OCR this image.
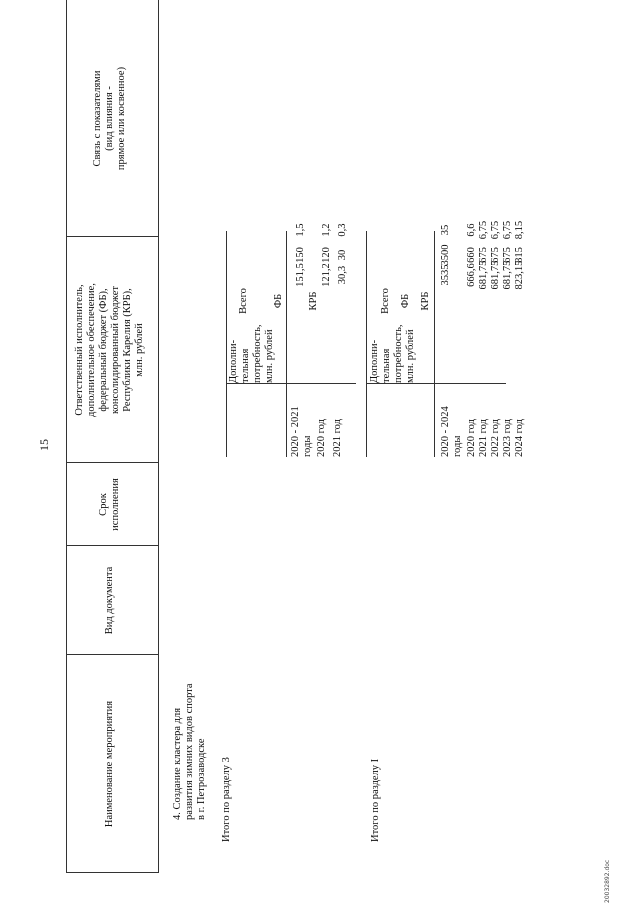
15
Наименование мероприятия
Вид документа
Срок исполнения
Ответственный исполнитель, дополнительное обеспечение, федеральный бюджет (ФБ), консолидированный бюджет Республики Карелия (КРБ), млн. рублей
Связь с показателями (вид влияния - прямое или косвенное)
4. Создание кластера для развития зимних видов спорта в г. Петрозаводске Итого по разделу 3
Дополни- тельная потребность, млн. рублей
Всего ФБ КРБ
2020 - 2021 годы 2020 год 2021 год
151,5
150
1,5
121,2
120
1,2
30,3
30
0,3
Итого по разделу I
Дополни- тельная потребность, млн. рублей
Всего ФБ КРБ
2020 - 2024 годы 2020 год 2021 год 2022 год 2023 год 2024 год
3535
3500
35
666,6
660
6,6
681,75
675
6,75
681,75
675
6,75
681,75
675
6,75
823,15
815
8,15
20032892.doc
